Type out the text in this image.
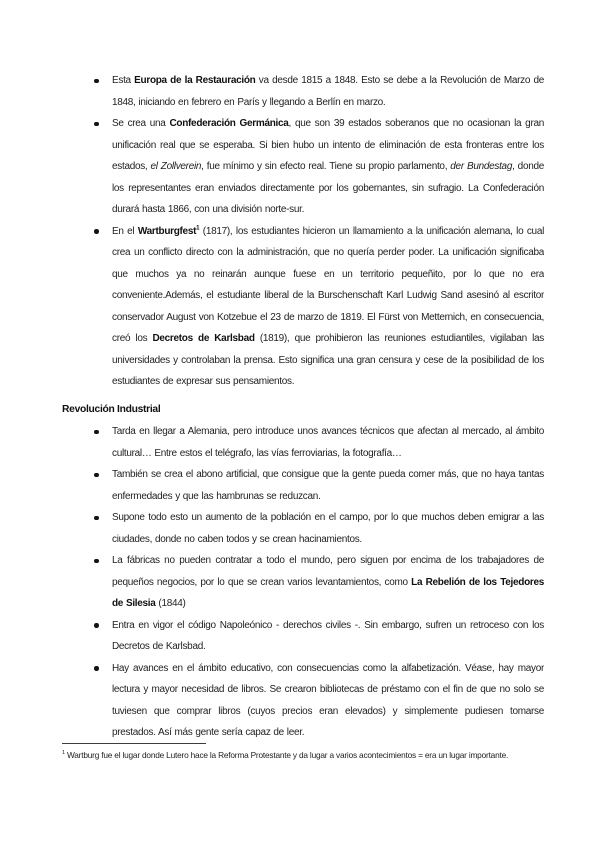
Esta Europa de la Restauración va desde 1815 a 1848. Esto se debe a la Revolución de Marzo de 1848, iniciando en febrero en París y llegando a Berlín en marzo.
Se crea una Confederación Germánica, que son 39 estados soberanos que no ocasionan la gran unificación real que se esperaba. Si bien hubo un intento de eliminación de esta fronteras entre los estados, el Zollverein, fue mínimo y sin efecto real. Tiene su propio parlamento, der Bundestag, donde los representantes eran enviados directamente por los gobernantes, sin sufragio. La Confederación durará hasta 1866, con una división norte-sur.
En el Wartburgfest$^1$ (1817), los estudiantes hicieron un llamamiento a la unificación alemana, lo cual crea un conflicto directo con la administración, que no quería perder poder. La unificación significaba que muchos ya no reinarán aunque fuese en un territorio pequeñito, por lo que no era conveniente.Además, el estudiante liberal de la Burschenschaft Karl Ludwig Sand asesinó al escritor conservador August von Kotzebue el 23 de marzo de 1819. El Fürst von Metternich, en consecuencia, creó los Decretos de Karlsbad (1819), que prohibieron las reuniones estudiantiles, vigilaban las universidades y controlaban la prensa. Esto significa una gran censura y cese de la posibilidad de los estudiantes de expresar sus pensamientos.
Revolución Industrial
Tarda en llegar a Alemania, pero introduce unos avances técnicos que afectan al mercado, al ámbito cultural… Entre estos el telégrafo, las vías ferroviarias, la fotografía…
También se crea el abono artificial, que consigue que la gente pueda comer más, que no haya tantas enfermedades y que las hambrunas se reduzcan.
Supone todo esto un aumento de la población en el campo, por lo que muchos deben emigrar a las ciudades, donde no caben todos y se crean hacinamientos.
La fábricas no pueden contratar a todo el mundo, pero siguen por encima de los trabajadores de pequeños negocios, por lo que se crean varios levantamientos, como La Rebelión de los Tejedores de Silesia (1844)
Entra en vigor el código Napoleónico - derechos civiles -. Sin embargo, sufren un retroceso con los Decretos de Karlsbad.
Hay avances en el ámbito educativo, con consecuencias como la alfabetización. Véase, hay mayor lectura y mayor necesidad de libros. Se crearon bibliotecas de préstamo con el fin de que no solo se tuviesen que comprar libros (cuyos precios eran elevados) y simplemente pudiesen tomarse prestados. Así más gente sería capaz de leer.
$^1$ Wartburg fue el lugar donde Lutero hace la Reforma Protestante y da lugar a varios acontecimientos = era un lugar importante.
